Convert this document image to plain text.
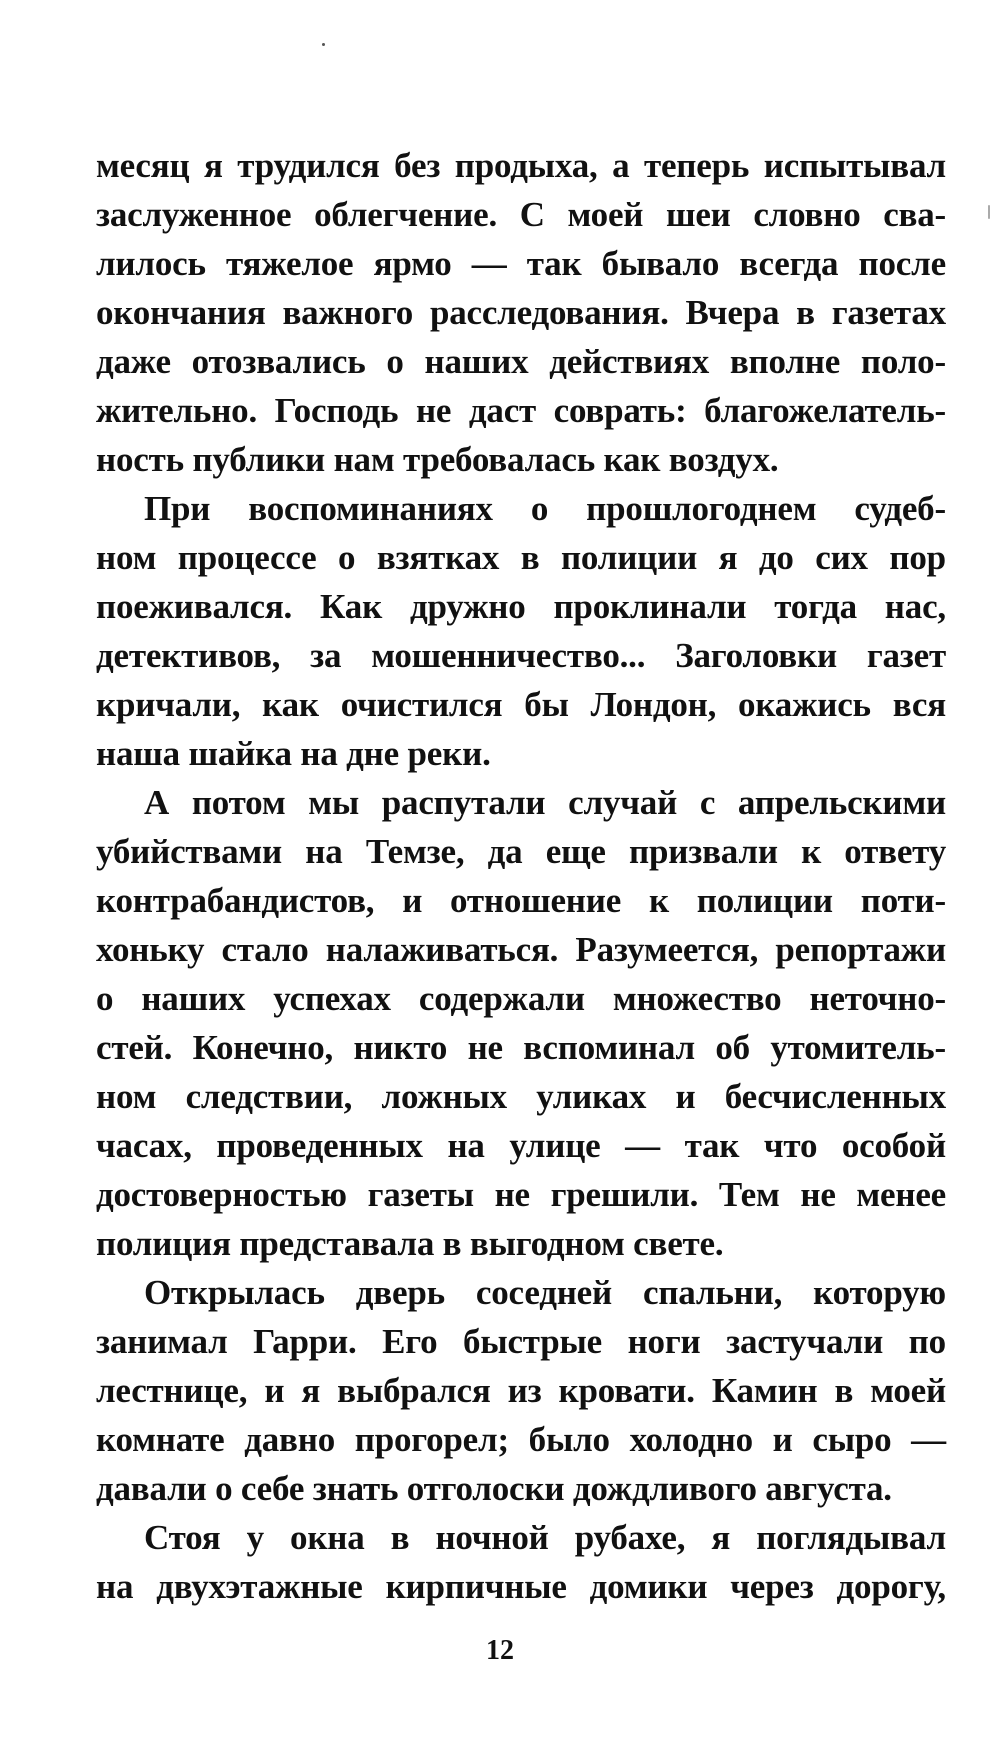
месяц я трудился без продыха, а теперь испытывал
заслуженное облегчение. С моей шеи словно сва-
лилось тяжелое ярмо — так бывало всегда после
окончания важного расследования. Вчера в газетах
даже отозвались о наших действиях вполне поло-
жительно. Господь не даст соврать: благожелатель-
ность публики нам требовалась как воздух.
При воспоминаниях о прошлогоднем судеб-
ном процессе о взятках в полиции я до сих пор
поеживался. Как дружно проклинали тогда нас,
детективов, за мошенничество... Заголовки газет
кричали, как очистился бы Лондон, окажись вся
наша шайка на дне реки.
А потом мы распутали случай с апрельскими
убийствами на Темзе, да еще призвали к ответу
контрабандистов, и отношение к полиции поти-
хоньку стало налаживаться. Разумеется, репортажи
о наших успехах содержали множество неточно-
стей. Конечно, никто не вспоминал об утомитель-
ном следствии, ложных уликах и бесчисленных
часах, проведенных на улице — так что особой
достоверностью газеты не грешили. Тем не менее
полиция представала в выгодном свете.
Открылась дверь соседней спальни, которую
занимал Гарри. Его быстрые ноги застучали по
лестнице, и я выбрался из кровати. Камин в моей
комнате давно прогорел; было холодно и сыро —
давали о себе знать отголоски дождливого августа.
Стоя у окна в ночной рубахе, я поглядывал
на двухэтажные кирпичные домики через дорогу,
12
